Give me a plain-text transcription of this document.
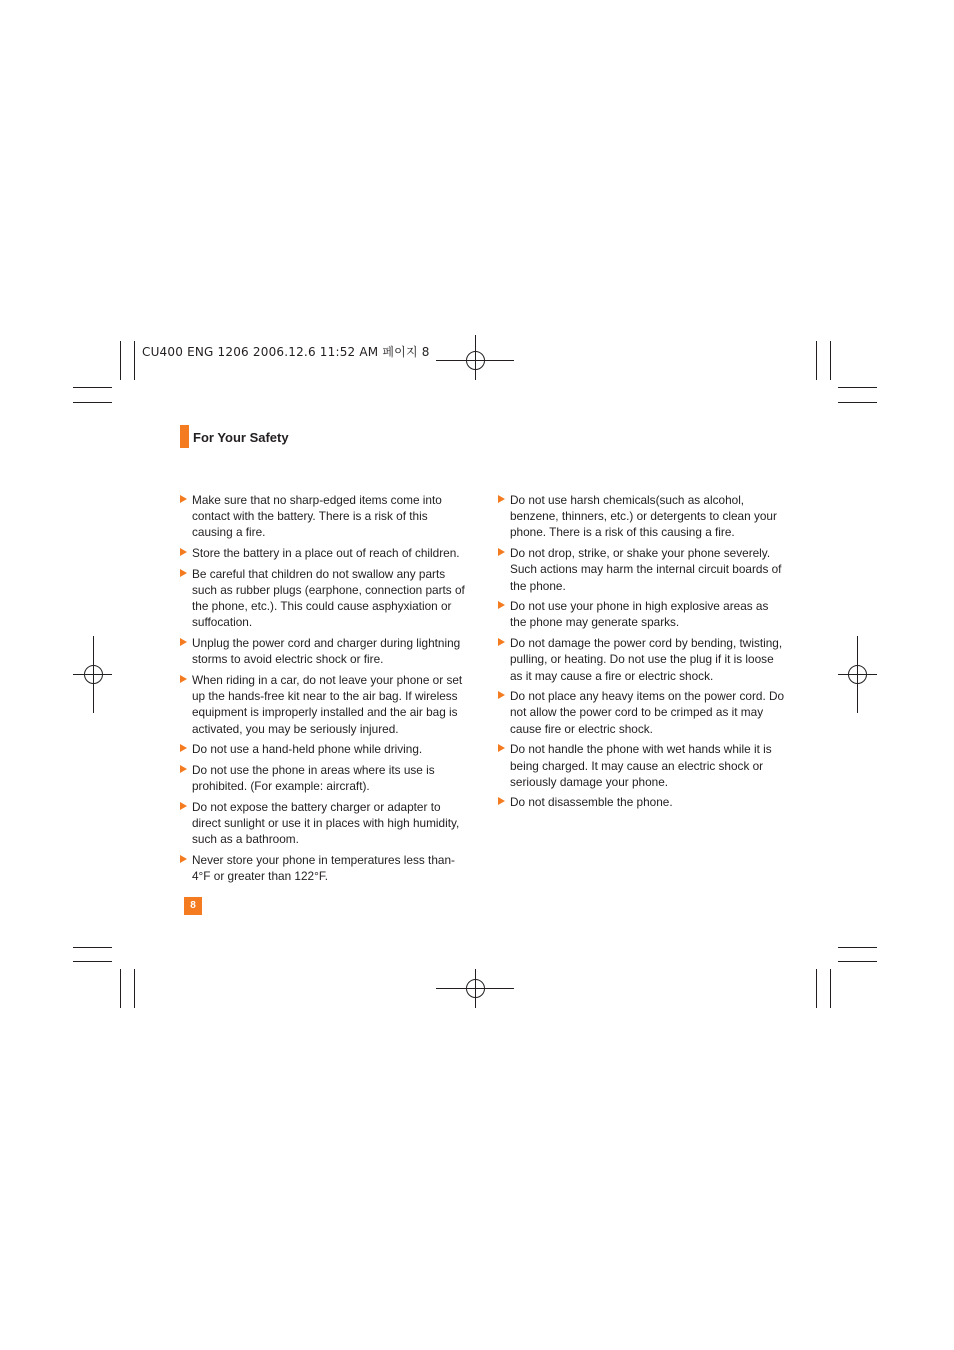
CU400 ENG 1206 2006.12.6 11:52 AM 페이지 8
For Your Safety
Make sure that no sharp-edged items come into contact with the battery. There is a risk of this causing a fire.
Store the battery in a place out of reach of children.
Be careful that children do not swallow any parts such as rubber plugs (earphone, connection parts of the phone, etc.). This could cause asphyxiation or suffocation.
Unplug the power cord and charger during lightning storms to avoid electric shock or fire.
When riding in a car, do not leave your phone or set up the hands-free kit near to the air bag. If wireless equipment is improperly installed and the air bag is activated, you may be seriously injured.
Do not use a hand-held phone while driving.
Do not use the phone in areas where its use is prohibited. (For example: aircraft).
Do not expose the battery charger or adapter to direct sunlight or use it in places with high humidity, such as a bathroom.
Never store your phone in temperatures less than-4°F or greater than 122°F.
Do not use harsh chemicals(such as alcohol, benzene, thinners, etc.) or detergents to clean your phone. There is a risk of this causing a fire.
Do not drop, strike, or shake your phone severely. Such actions may harm the internal circuit boards of the phone.
Do not use your phone in high explosive areas as the phone may generate sparks.
Do not damage the power cord by bending, twisting, pulling, or heating. Do not use the plug if it is loose as it may cause a fire or electric shock.
Do not place any heavy items on the power cord. Do not allow the power cord to be crimped as it may cause fire or electric shock.
Do not handle the phone with wet hands while it is being charged. It may cause an electric shock or seriously damage your phone.
Do not disassemble the phone.
8
